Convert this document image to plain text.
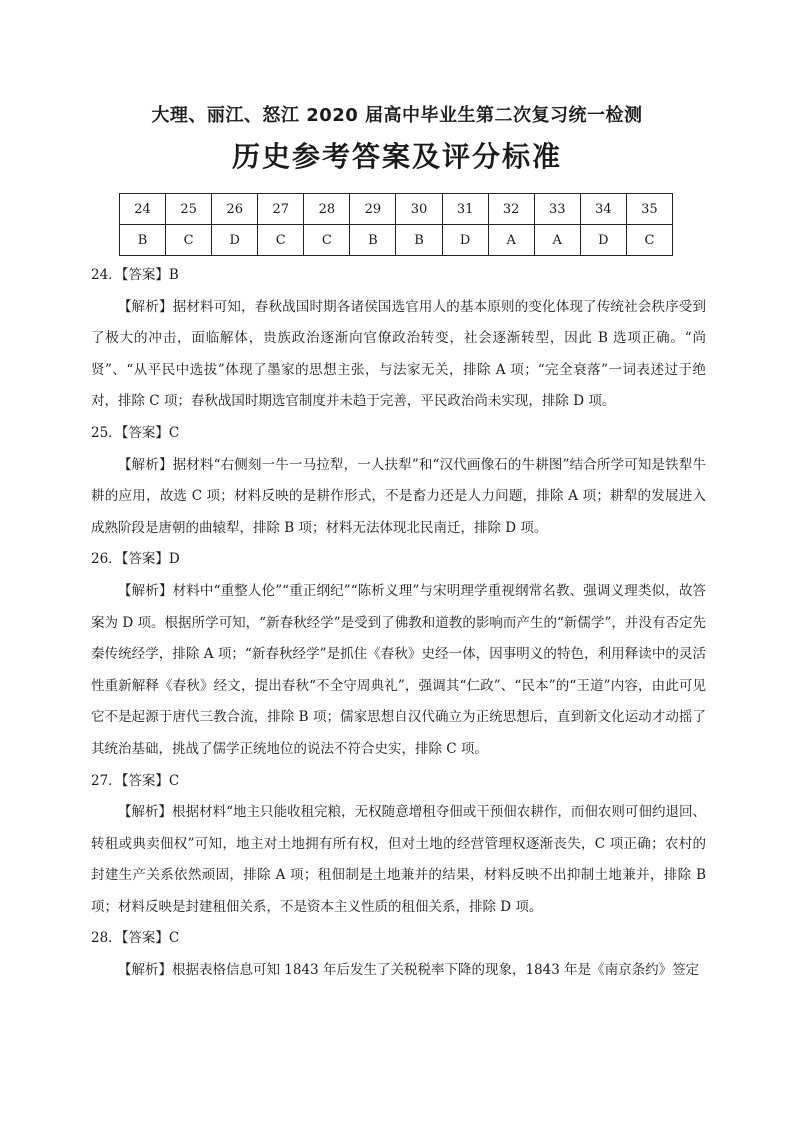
大理、丽江、怒江 2020 届高中毕业生第二次复习统一检测
历史参考答案及评分标准
24	25	26	27	28	29	30	31	32	33	34	35
B	C	D	C	C	B	B	D	A	A	D	C

24．【答案】B

【解析】据材料可知，春秋战国时期各诸侯国选官用人的基本原则的变化体现了传统社会秩序受到了极大的冲击，面临解体，贵族政治逐渐向官僚政治转变，社会逐渐转型，因此 B 选项正确。“尚贤”、“从平民中选拔”体现了墨家的思想主张，与法家无关，排除 A 项；“完全衰落”一词表述过于绝对，排除 C 项；春秋战国时期选官制度并未趋于完善，平民政治尚未实现，排除 D 项。

25．【答案】C

【解析】据材料“右侧刻一牛一马拉犁，一人扶犁”和“汉代画像石的牛耕图”结合所学可知是铁犁牛耕的应用，故选 C 项；材料反映的是耕作形式，不是畜力还是人力问题，排除 A 项；耕犁的发展进入成熟阶段是唐朝的曲辕犁，排除 B 项；材料无法体现北民南迁，排除 D 项。

26．【答案】D

【解析】材料中“重整人伦”“重正纲纪”“陈析义理”与宋明理学重视纲常名教、强调义理类似，故答案为 D 项。根据所学可知，“新春秋经学”是受到了佛教和道教的影响而产生的“新儒学”，并没有否定先秦传统经学，排除 A 项；“新春秋经学”是抓住《春秋》史经一体，因事明义的特色，利用释读中的灵活性重新解释《春秋》经文，提出春秋“不全守周典礼”，强调其“仁政”、“民本”的“王道”内容，由此可见它不是起源于唐代三教合流，排除 B 项；儒家思想自汉代确立为正统思想后，直到新文化运动才动摇了其统治基础，挑战了儒学正统地位的说法不符合史实，排除 C 项。

27．【答案】C

【解析】根据材料“地主只能收租完粮，无权随意增租夺佃或干预佃农耕作，而佃农则可佃约退回、转租或典卖佃权”可知，地主对土地拥有所有权，但对土地的经营管理权逐渐丧失，C 项正确；农村的封建生产关系依然顽固，排除 A 项；租佃制是土地兼并的结果，材料反映不出抑制土地兼并，排除 B 项；材料反映是封建租佃关系，不是资本主义性质的租佃关系，排除 D 项。

28．【答案】C

【解析】根据表格信息可知 1843 年后发生了关税税率下降的现象，1843 年是《南京条约》签定
